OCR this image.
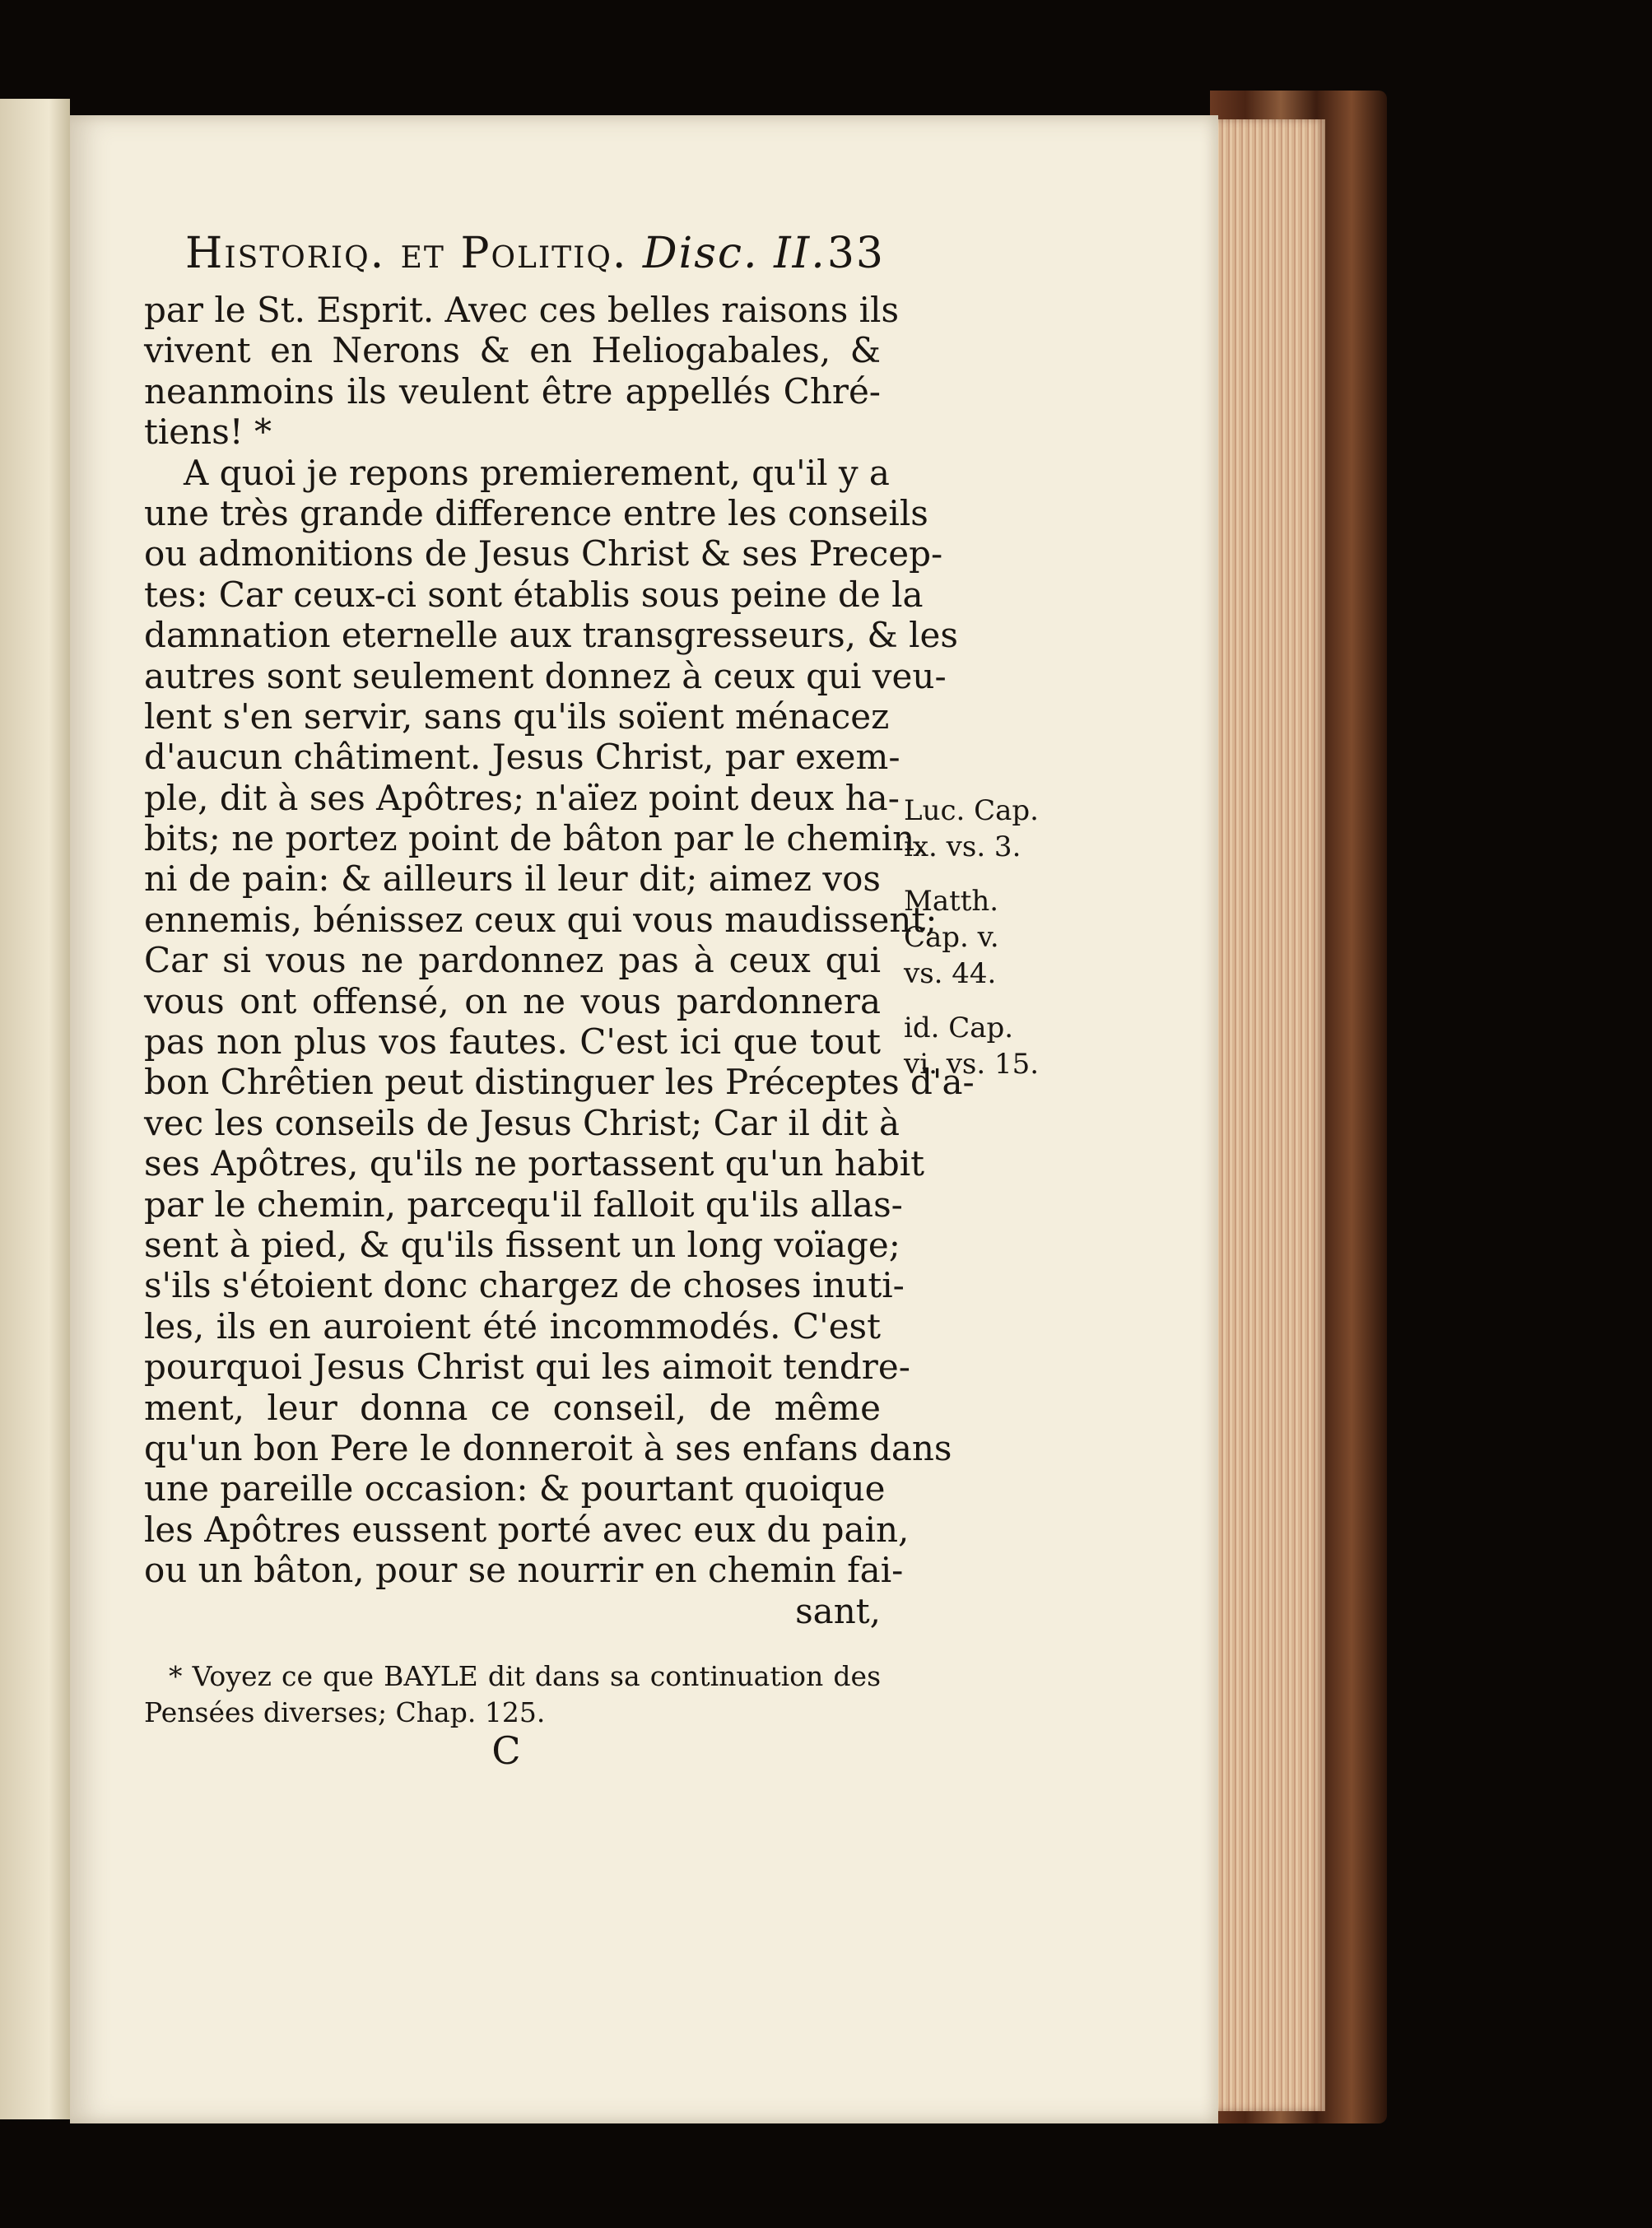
Historiq. et Politiq. Disc. II. 33
par le St. Esprit. Avec ces belles raisons ils
vivent en Nerons & en Heliogabales, &
neanmoins ils veulent être appellés Chré-
tiens! *
A quoi je repons premierement, qu'il y a
une très grande difference entre les conseils
ou admonitions de Jesus Christ & ses Precep-
tes: Car ceux-ci sont établis sous peine de la
damnation eternelle aux transgresseurs, & les
autres sont seulement donnez à ceux qui veu-
lent s'en servir, sans qu'ils soïent ménacez
d'aucun châtiment. Jesus Christ, par exem-
ple, dit à ses Apôtres; n'aïez point deux ha-
bits; ne portez point de bâton par le chemin,
ni de pain: & ailleurs il leur dit; aimez vos
ennemis, bénissez ceux qui vous maudissent;
Car si vous ne pardonnez pas à ceux qui
vous ont offensé, on ne vous pardonnera
pas non plus vos fautes. C'est ici que tout
bon Chrêtien peut distinguer les Préceptes d'a-
vec les conseils de Jesus Christ; Car il dit à
ses Apôtres, qu'ils ne portassent qu'un habit
par le chemin, parcequ'il falloit qu'ils allas-
sent à pied, & qu'ils fissent un long voïage;
s'ils s'étoient donc chargez de choses inuti-
les, ils en auroient été incommodés. C'est
pourquoi Jesus Christ qui les aimoit tendre-
ment, leur donna ce conseil, de même
qu'un bon Pere le donneroit à ses enfans dans
une pareille occasion: & pourtant quoique
les Apôtres eussent porté avec eux du pain,
ou un bâton, pour se nourrir en chemin fai-
sant,
Luc. Cap.
ix. vs. 3.
Matth.
Cap. v.
vs. 44.
id. Cap.
vi. vs. 15.
* Voyez ce que BAYLE dit dans sa continuation des
Pensées diverses; Chap. 125.
C
